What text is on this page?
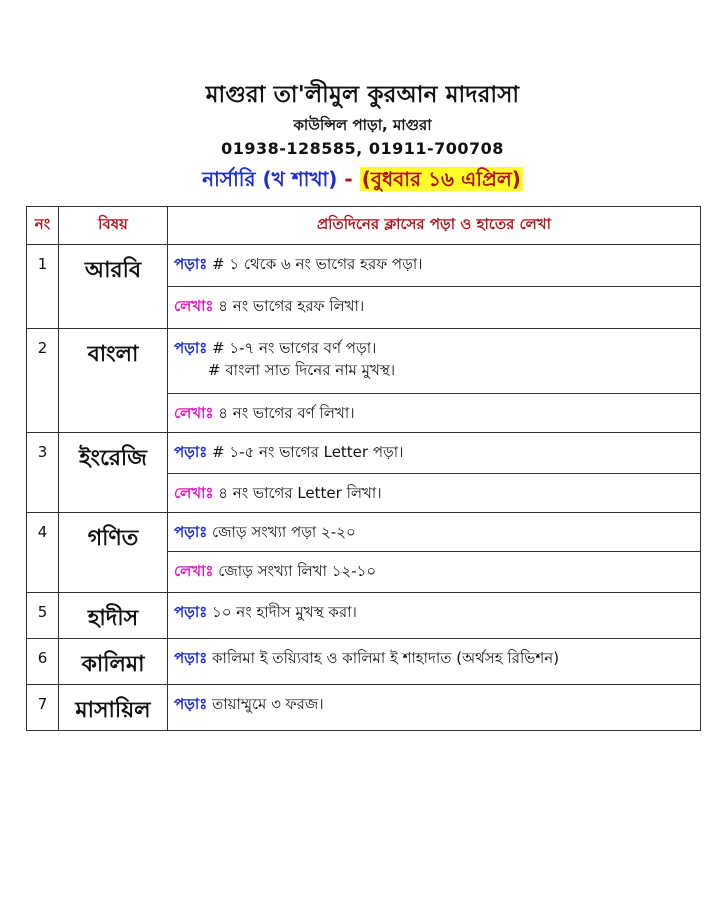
মাগুরা তা'লীমুল কুরআন মাদরাসা
কাউন্সিল পাড়া, মাগুরা
01938-128585, 01911-700708
নার্সারি (খ শাখা) - (বুধবার ১৬ এপ্রিল)
নং	বিষয়	প্রতিদিনের ক্লাসের পড়া ও হাতের লেখা
1	আরবি	পড়াঃ # ১ থেকে ৬ নং ভাগের হরফ পড়া।
		লেখাঃ ৪ নং ভাগের হরফ লিখা।
2	বাংলা	পড়াঃ # ১-৭ নং ভাগের বর্ণ পড়া।
# বাংলা সাত দিনের নাম মুখস্থ।

		লেখাঃ ৪ নং ভাগের বর্ণ লিখা।
3	ইংরেজি	পড়াঃ # ১-৫ নং ভাগের Letter পড়া।
		লেখাঃ ৪ নং ভাগের Letter লিখা।
4	গণিত	পড়াঃ জোড় সংখ্যা পড়া ২-২০
		লেখাঃ জোড় সংখ্যা লিখা ১২-১০
5	হাদীস	পড়াঃ ১০ নং হাদীস মুখস্থ করা।
6	কালিমা	পড়াঃ কালিমা ই তয়্যিবাহ ও কালিমা ই শাহাদাত (অর্থসহ রিভিশন)
7	মাসায়িল	পড়াঃ তায়াম্মুমে ৩ ফরজ।
